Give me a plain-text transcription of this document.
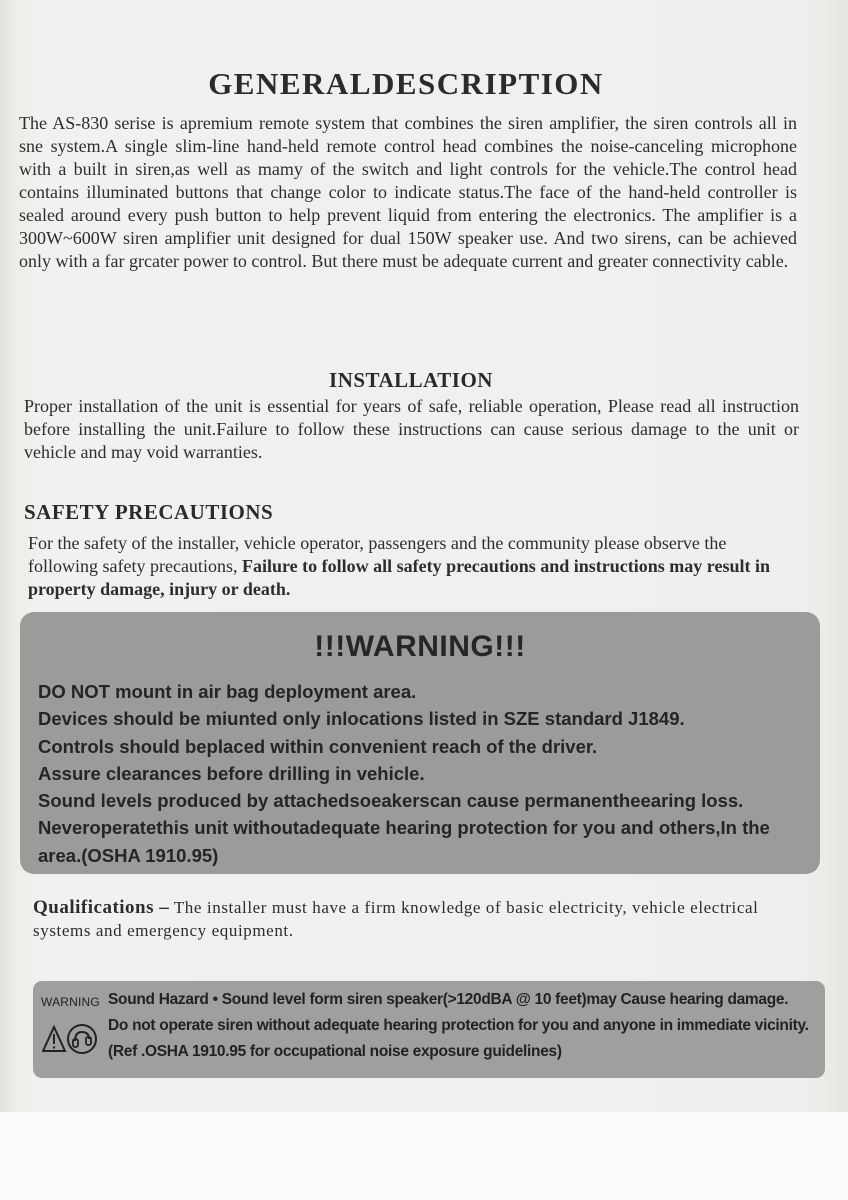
GENERALDESCRIPTION
The AS-830 serise is apremium remote system that combines the siren amplifier, the siren controls all in sne system.A single slim-line hand-held remote control head combines the noise-canceling microphone with a built in siren,as well as mamy of the switch and light controls for the vehicle.The control head contains illuminated buttons that change color to indicate status.The face of the hand-held controller is sealed around every push button to help prevent liquid from entering the electronics. The amplifier is a 300W~600W siren amplifier unit designed for dual 150W speaker use. And two sirens, can be achieved only with a far grcater power to control. But there must be adequate current and greater connectivity cable.
INSTALLATION
Proper installation of the unit is essential for years of safe, reliable operation, Please read all instruction before installing the unit.Failure to follow these instructions can cause serious damage to the unit or vehicle and may void warranties.
SAFETY PRECAUTIONS
For the safety of the installer, vehicle operator, passengers and the community please observe the following safety precautions, Failure to follow all safety precautions and instructions may result in property damage, injury or death.
!!!WARNING!!!
DO NOT mount in air bag deployment area.
Devices should be miunted only inlocations listed in SZE standard J1849.
Controls should beplaced within convenient reach of the driver.
Assure clearances before drilling in vehicle.
Sound levels produced by attachedsoeakerscan cause permanentheearing loss.
Neveroperatethis unit withoutadequate hearing protection for you and others,In the area.(OSHA 1910.95)
Qualifications – The installer must have a firm knowledge of basic electricity, vehicle electrical systems and emergency equipment.
WARNING Sound Hazard • Sound level form siren speaker(>120dBA @ 10 feet)may Cause hearing damage.
Do not operate siren without adequate hearing protection for you and anyone in immediate vicinity.
(Ref .OSHA 1910.95 for occupational noise exposure guidelines)
